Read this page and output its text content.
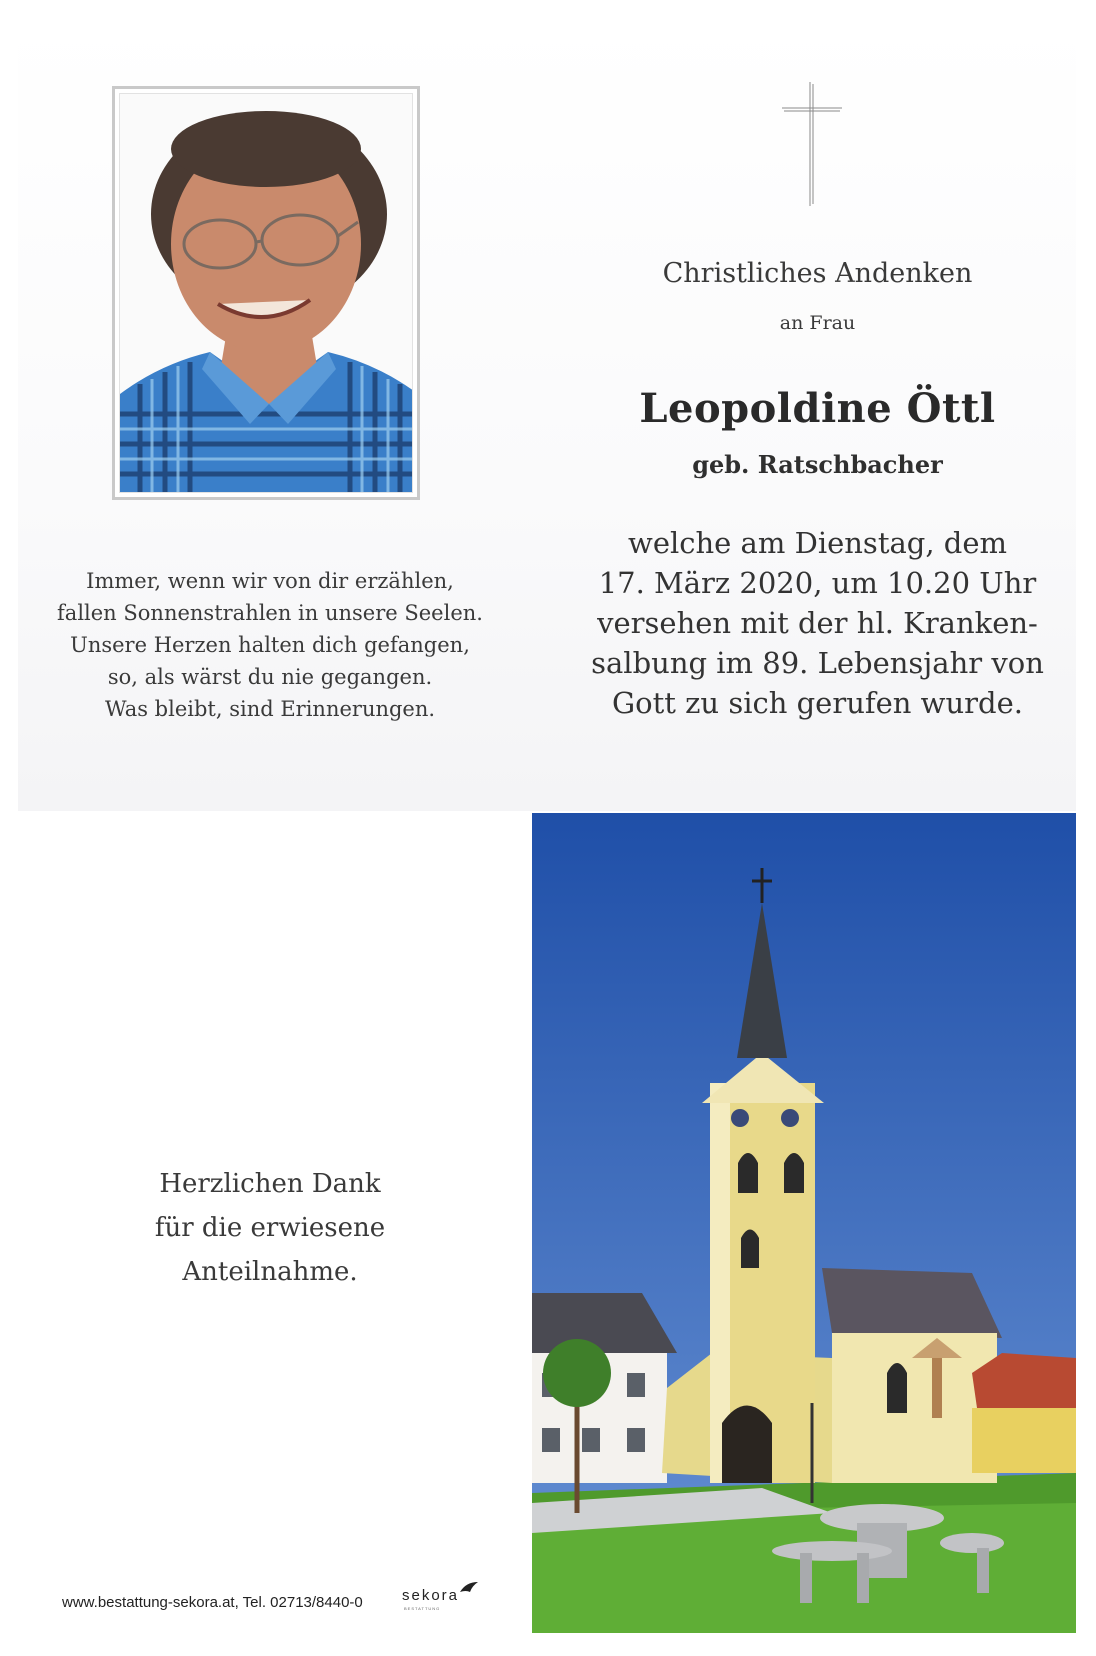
Immer, wenn wir von dir erzählen,
fallen Sonnenstrahlen in unsere Seelen.
Unsere Herzen halten dich gefangen,
so, als wärst du nie gegangen.
Was bleibt, sind Erinnerungen.
Christliches Andenken
an Frau
Leopoldine Öttl
geb. Ratschbacher
welche am Dienstag, dem
17. März 2020, um 10.20 Uhr
versehen mit der hl. Kranken-
salbung im 89. Lebensjahr von
Gott zu sich gerufen wurde.
Herzlichen Dank
für die erwiesene
Anteilnahme.
www.bestattung-sekora.at, Tel. 02713/8440-0	sekora
BESTATTUNG
